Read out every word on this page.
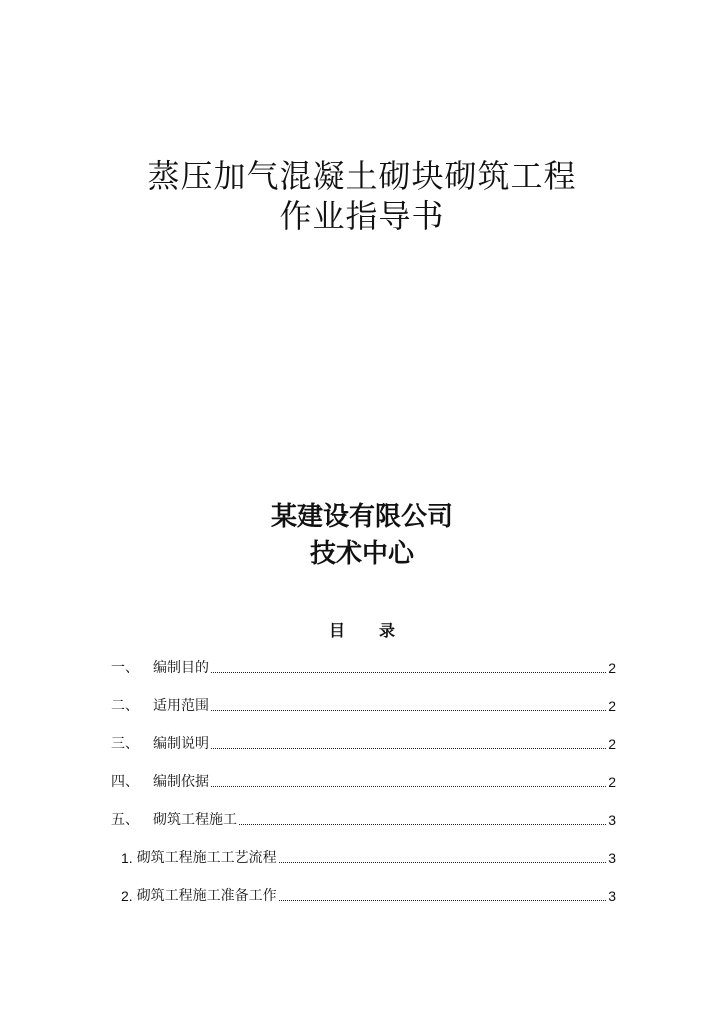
蒸压加气混凝土砌块砌筑工程
作业指导书
某建设有限公司
技术中心
目 录
一、	编制目的	2
二、	适用范围	2
三、	编制说明	2
四、	编制依据	2
五、	砌筑工程施工	3
1. 砌筑工程施工工艺流程	3
2. 砌筑工程施工准备工作	3
